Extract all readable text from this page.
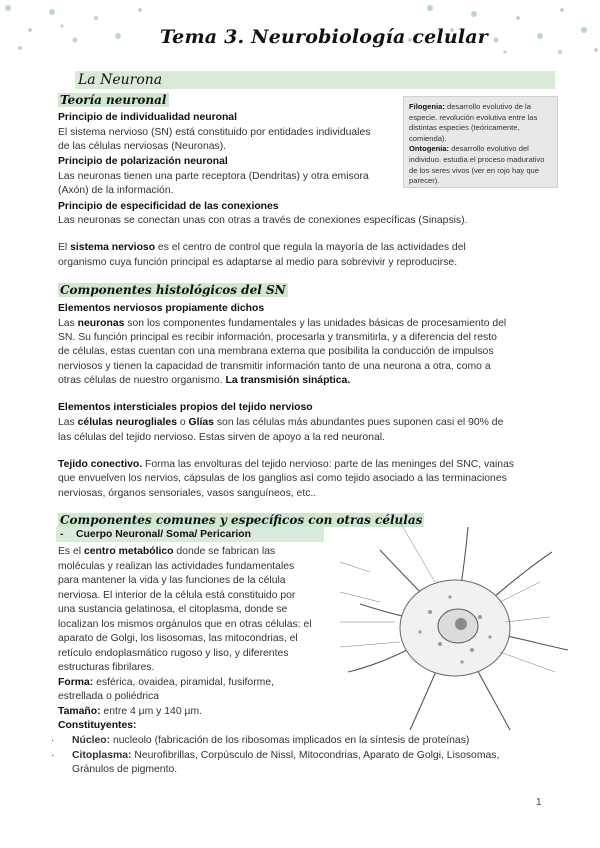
Tema 3. Neurobiología celular
La Neurona
Teoría neuronal
Principio de individualidad neuronal
El sistema nervioso (SN) está constituido por entidades individuales
de las células nerviosas (Neuronas).
Principio de polarización neuronal
Las neuronas tienen una parte receptora (Dendritas) y otra emisora
(Axón) de la información.
Principio de especificidad de las conexiones
Las neuronas se conectan unas con otras a través de conexiones específicas (Sinapsis).
El sistema nervioso es el centro de control que regula la mayoría de las actividades del
organismo cuya función principal es adaptarse al medio para sobrevivir y reproducirse.
Filogenia: desarrollo evolutivo de la especie. revolución evolutiva entre las distintas especies (teóricamente, comienda).
Ontogenia: desarrollo evolutivo del individuo. estudia el proceso madurativo de los seres vivos (ver en rojo hay que parecer).
Componentes histológicos del SN
Elementos nerviosos propiamente dichos
Las neuronas son los componentes fundamentales y las unidades básicas de procesamiento del
SN. Su función principal es recibir información, procesarla y transmitirla, y a diferencia del resto
de células, estas cuentan con una membrana externa que posibilita la conducción de impulsos
nerviosos y tienen la capacidad de transmitir información tanto de una neurona a otra, como a
otras células de nuestro organismo. La transmisión sináptica.
Elementos intersticiales propios del tejido nervioso
Las células neurogliales o Glías son las células más abundantes pues suponen casi el 90% de
las células del tejido nervioso. Estas sirven de apoyo a la red neuronal.
Tejido conectivo. Forma las envolturas del tejido nervioso: parte de las meninges del SNC, vainas
que envuelven los nervios, cápsulas de los ganglios así como tejido asociado a las terminaciones
nerviosas, órganos sensoriales, vasos sanguíneos, etc..
Componentes comunes y específicos con otras células
- Cuerpo Neuronal/ Soma/ Pericarion
Es el centro metabólico donde se fabrican las
moléculas y realizan las actividades fundamentales
para mantener la vida y las funciones de la célula
nerviosa. El interior de la célula está constituido por
una sustancia gelatinosa, el citoplasma, donde se
localizan los mismos orgánulos que en otras células: el
aparato de Golgi, los lisosomas, las mitocondrias, el
retículo endoplasmático rugoso y liso, y diferentes
estructuras fibrilares.
Forma: esférica, ovaidea, piramidal, fusiforme,
estrellada o poliédrica
Tamaño: entre 4 µm y 140 µm.
Constituyentes:
· Núcleo: nucleolo (fabricación de los ribosomas implicados en la síntesis de proteínas)
· Citoplasma: Neurofibrillas, Corpúsculo de Nissl, Mitocondrias, Aparato de Golgi, Lisosomas,
Gránulos de pigmento.
1
